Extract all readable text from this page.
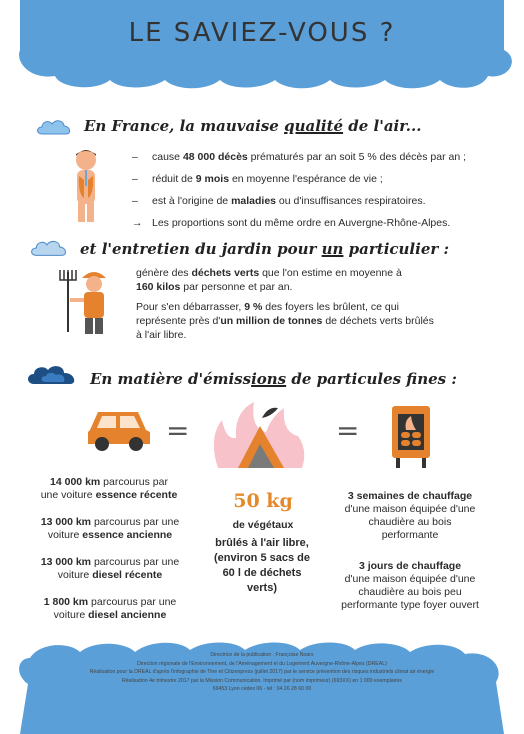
LE SAVIEZ-VOUS ?
En France, la mauvaise qualité de l'air...
–	cause 48 000 décès prématurés par an soit 5 % des décès par an ;
–	réduit de 9 mois en moyenne l'espérance de vie ;
–	est à l'origine de maladies ou d'insuffisances respiratoires.
→ Les proportions sont du même ordre en Auvergne-Rhône-Alpes.
et l'entretien du jardin pour un particulier :

génère des déchets verts que l'on estime en moyenne à
160 kilos par personne et par an.

Pour s'en débarrasser, 9 % des foyers les brûlent, ce qui représente près d'un million de tonnes de déchets verts brûlés à l'air libre.

En matière d'émissions de particules fines :
=	=
14 000 km parcourus par
une voiture essence récente
13 000 km parcourus par une
voiture essence ancienne
13 000 km parcourus par une
voiture diesel récente
1 800 km parcourus par une
voiture diesel ancienne
50 kg
de végétaux
brûlés à l'air libre, (environ 5 sacs de 60 l de déchets verts)
3 semaines de chauffage
d'une maison équipée d'une chaudière au bois performante
3 jours de chauffage
d'une maison équipée d'une chaudière au bois peu performante type foyer ouvert
Directrice de la publication : Françoise Noars
Direction régionale de l'Environnement, de l'Aménagement et du Logement Auvergne-Rhône-Alpes (DREAL)
Réalisation pour la DREAL d'après l'infographie de Tine et Citizenpress (juillet 2017) par le service prévention des risques industriels climat air énergie
Réalisation 4e trimestre 2017 par la Mission Communication. Imprimé par (nom imprimeur) (693XX) en 1 000 exemplaires
69453 Lyon cedex 06 - tél : 04 26 28 60 00
